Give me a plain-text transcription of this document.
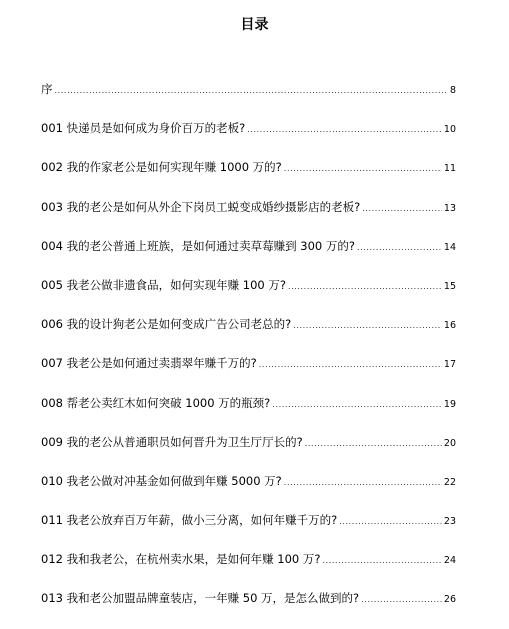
目录
序 .....	8
001 快递员是如何成为身价百万的老板? .....	10
002 我的作家老公是如何实现年赚 1000 万的? .....	11
003 我的老公是如何从外企下岗员工蜕变成婚纱摄影店的老板? .....	13
004 我的老公普通上班族，是如何通过卖草莓赚到 300 万的? .....	14
005 我老公做非遗食品，如何实现年赚 100 万? .....	15
006 我的设计狗老公是如何变成广告公司老总的? .....	16
007 我老公是如何通过卖翡翠年赚千万的? .....	17
008 帮老公卖红木如何突破 1000 万的瓶颈? .....	19
009 我的老公从普通职员如何晋升为卫生厅厅长的? .....	20
010 我老公做对冲基金如何做到年赚 5000 万? .....	22
011 我老公放弃百万年薪，做小三分离，如何年赚千万的? .....	23
012 我和我老公，在杭州卖水果，是如何年赚 100 万? .....	24
013 我和老公加盟品牌童装店，一年赚 50 万，是怎么做到的? .....	26
